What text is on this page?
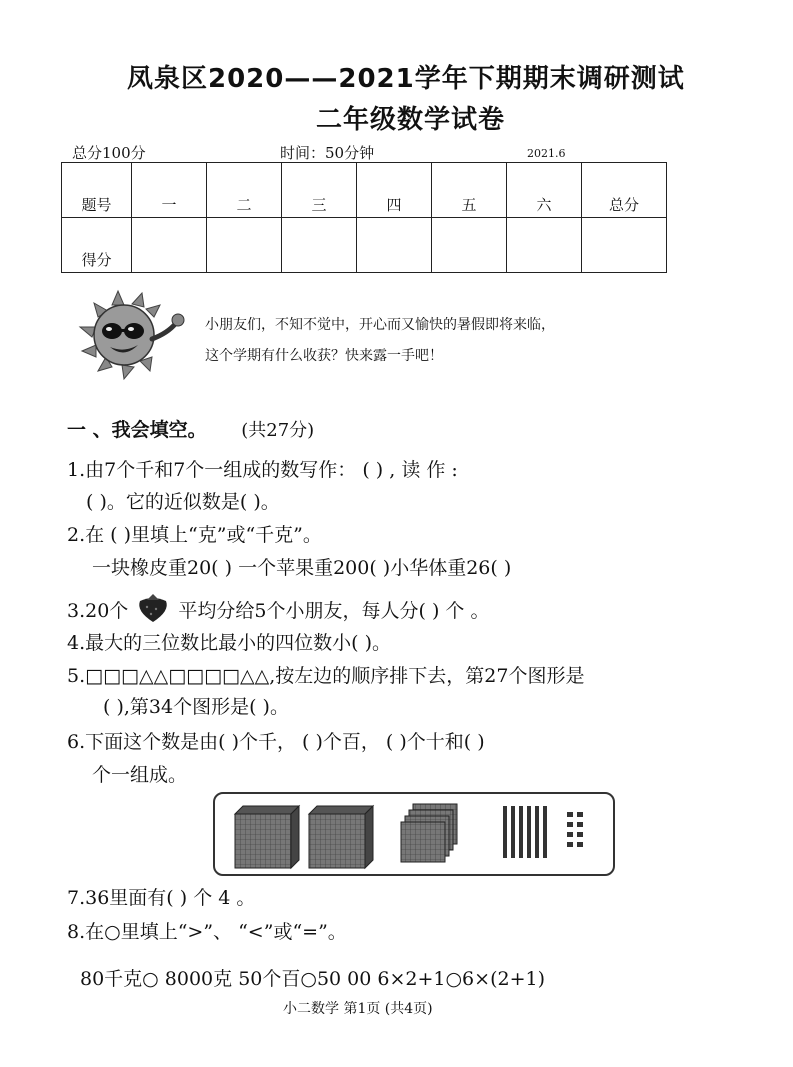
凤泉区2020——2021学年下期期末调研测试
二年级数学试卷
总分100分	时间：50分钟	2021.6
题号	一	二	三	四	五	六	总分
得分							
小朋友们，不知不觉中，开心而又愉快的暑假即将来临，
这个学期有什么收获？快来露一手吧！
一 、我会填空。 (共27分)
1.由7个千和7个一组成的数写作： ( ) , 读 作 :
( )。它的近似数是( )。
2.在 ( )里填上“克”或“千克”。
一块橡皮重20( ) 一个苹果重200( )小华体重26( )
3.20个	平均分给5个小朋友，每人分( ) 个 。
4.最大的三位数比最小的四位数小( )。
5.□□□△△□□□□△△,按左边的顺序排下去，第27个图形是
( ),第34个图形是( )。
6.下面这个数是由( )个千， ( )个百， ( )个十和( )
个一组成。
7.36里面有( ) 个 4 。
8.在○里填上“>”、 “<”或“=”。
80千克○ 8000克 50个百○50 00 6×2+1○6×(2+1)
小二数学 第1页 (共4页)
